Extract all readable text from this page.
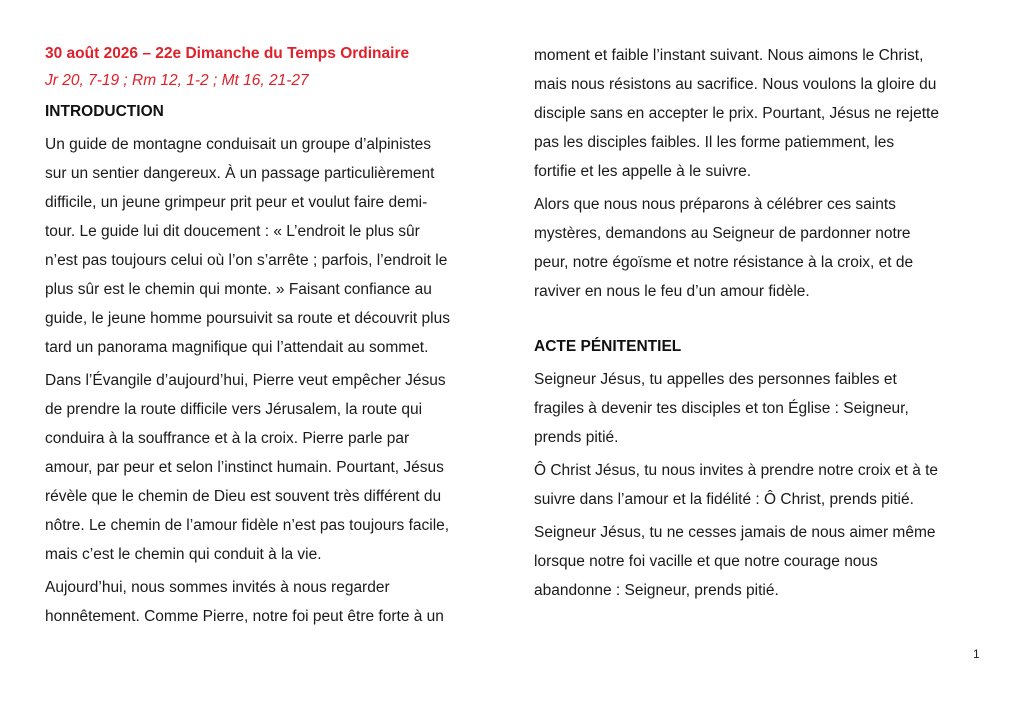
30 août 2026 – 22e Dimanche du Temps Ordinaire

Jr 20, 7-19 ; Rm 12, 1-2 ; Mt 16, 21-27

INTRODUCTION

Un guide de montagne conduisait un groupe d’alpinistes
sur un sentier dangereux. À un passage particulièrement
difficile, un jeune grimpeur prit peur et voulut faire demi-
tour. Le guide lui dit doucement : « L’endroit le plus sûr
n’est pas toujours celui où l’on s’arrête ; parfois, l’endroit le
plus sûr est le chemin qui monte. » Faisant confiance au
guide, le jeune homme poursuivit sa route et découvrit plus
tard un panorama magnifique qui l’attendait au sommet.

Dans l’Évangile d’aujourd’hui, Pierre veut empêcher Jésus
de prendre la route difficile vers Jérusalem, la route qui
conduira à la souffrance et à la croix. Pierre parle par
amour, par peur et selon l’instinct humain. Pourtant, Jésus
révèle que le chemin de Dieu est souvent très différent du
nôtre. Le chemin de l’amour fidèle n’est pas toujours facile,
mais c’est le chemin qui conduit à la vie.

Aujourd’hui, nous sommes invités à nous regarder
honnêtement. Comme Pierre, notre foi peut être forte à un

moment et faible l’instant suivant. Nous aimons le Christ,
mais nous résistons au sacrifice. Nous voulons la gloire du
disciple sans en accepter le prix. Pourtant, Jésus ne rejette
pas les disciples faibles. Il les forme patiemment, les
fortifie et les appelle à le suivre.

Alors que nous nous préparons à célébrer ces saints
mystères, demandons au Seigneur de pardonner notre
peur, notre égoïsme et notre résistance à la croix, et de
raviver en nous le feu d’un amour fidèle.

ACTE PÉNITENTIEL

Seigneur Jésus, tu appelles des personnes faibles et
fragiles à devenir tes disciples et ton Église : Seigneur,
prends pitié.

Ô Christ Jésus, tu nous invites à prendre notre croix et à te
suivre dans l’amour et la fidélité : Ô Christ, prends pitié.

Seigneur Jésus, tu ne cesses jamais de nous aimer même
lorsque notre foi vacille et que notre courage nous
abandonne : Seigneur, prends pitié.

1
